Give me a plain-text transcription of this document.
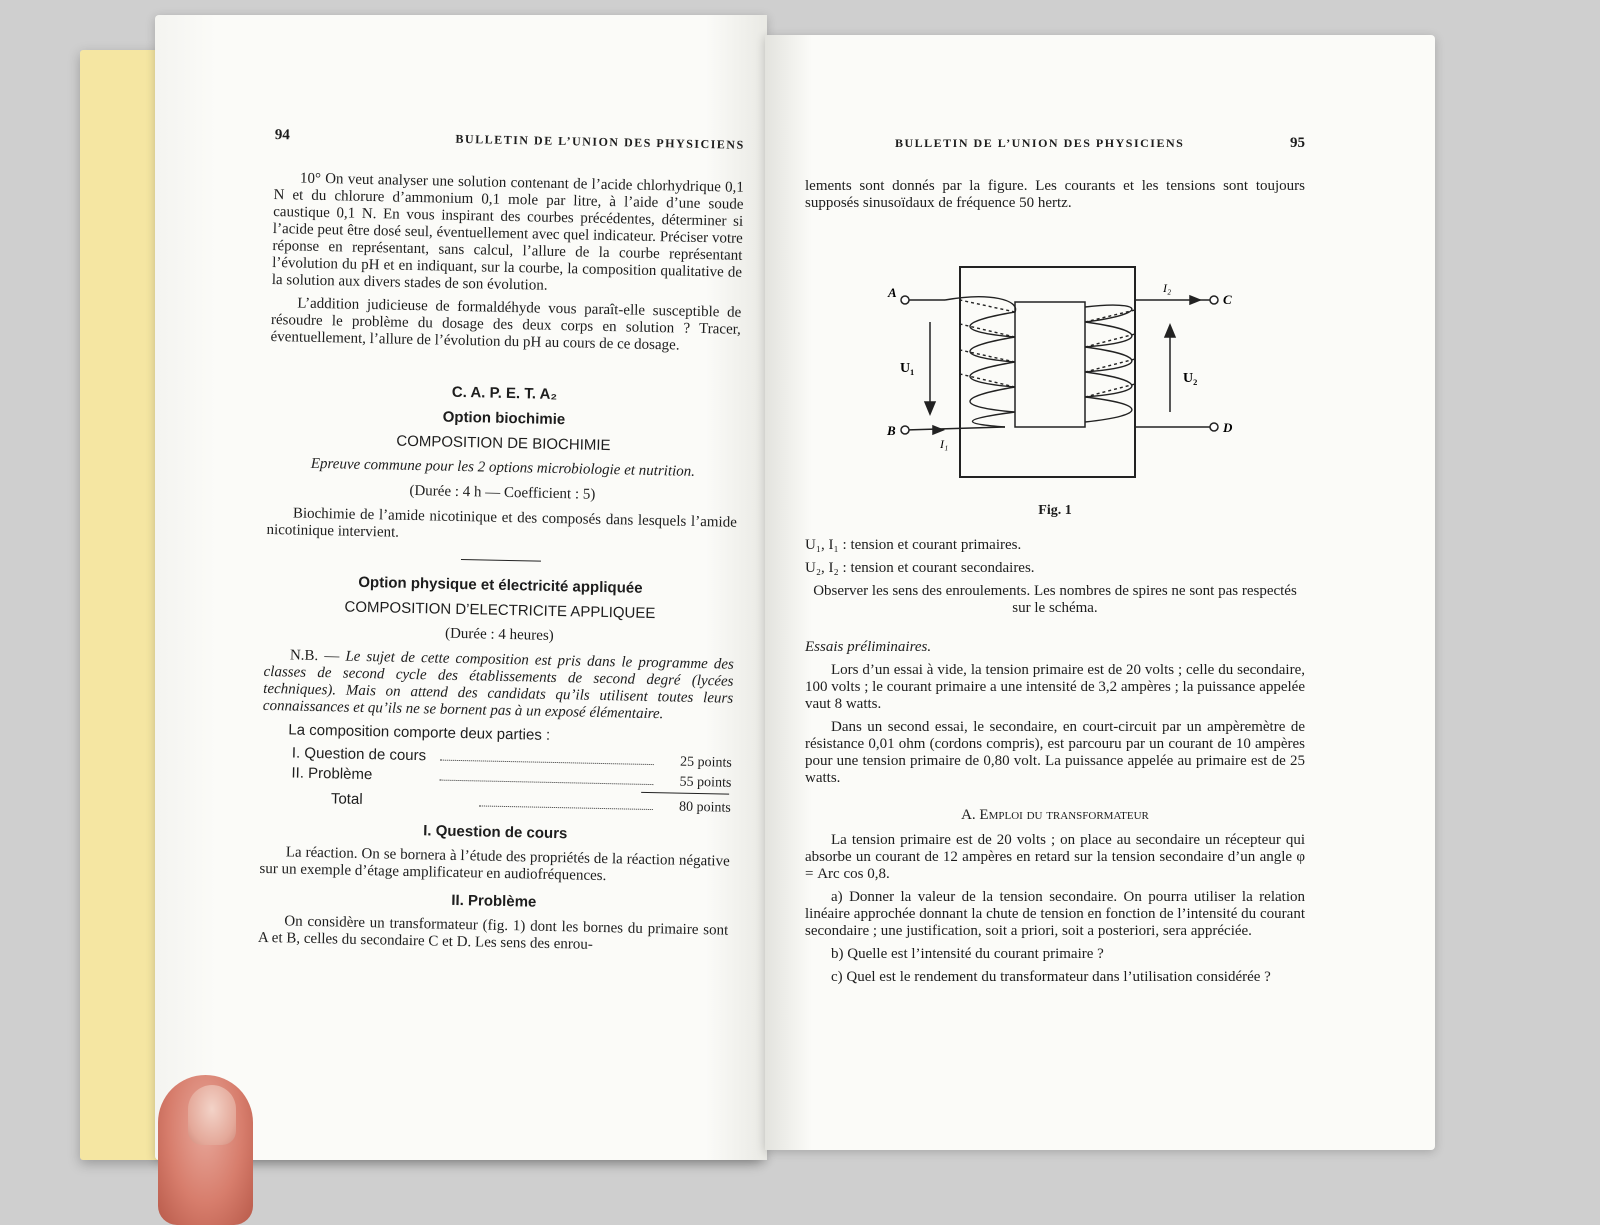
94	BULLETIN DE L’UNION DES PHYSICIENS

10° On veut analyser une solution contenant de l’acide chlorhydrique 0,1 N et du chlorure d’ammonium 0,1 mole par litre, à l’aide d’une soude caustique 0,1 N. En vous inspirant des courbes précédentes, déterminer si l’acide peut être dosé seul, éventuellement avec quel indicateur. Préciser votre réponse en représentant, sans calcul, l’allure de la courbe représentant l’évolution du pH et en indiquant, sur la courbe, la composition qualitative de la solution aux divers stades de son évolution.

L’addition judicieuse de formaldéhyde vous paraît-elle susceptible de résoudre le problème du dosage des deux corps en solution ? Tracer, éventuellement, l’allure de l’évolution du pH au cours de ce dosage.

C. A. P. E. T. A₂

Option biochimie

COMPOSITION DE BIOCHIMIE

Epreuve commune pour les 2 options microbiologie et nutrition.

(Durée : 4 h — Coefficient : 5)

Biochimie de l’amide nicotinique et des composés dans lesquels l’amide nicotinique intervient.

Option physique et électricité appliquée

COMPOSITION D’ELECTRICITE APPLIQUEE

(Durée : 4 heures)

N.B. — Le sujet de cette composition est pris dans le programme des classes de second cycle des établissements de second degré (lycées techniques). Mais on attend des candidats qu’ils utilisent toutes leurs connaissances et qu’ils ne se bornent pas à un exposé élémentaire.

La composition comporte deux parties :

I. Question de cours	25 points
II. Problème	55 points
Total	80 points

I. Question de cours

La réaction. On se bornera à l’étude des propriétés de la réaction négative sur un exemple d’étage amplificateur en audiofréquences.

II. Problème

On considère un transformateur (fig. 1) dont les bornes du primaire sont A et B, celles du secondaire C et D. Les sens des enrou-

BULLETIN DE L’UNION DES PHYSICIENS	95

lements sont donnés par la figure. Les courants et les tensions sont toujours supposés sinusoïdaux de fréquence 50 hertz.

A
B
C
D
U₁
U₂
I₁
I₂

Fig. 1

U₁, I₁ : tension et courant primaires.

U₂, I₂ : tension et courant secondaires.

Observer les sens des enroulements. Les nombres de spires ne sont pas respectés sur le schéma.

Essais préliminaires.

Lors d’un essai à vide, la tension primaire est de 20 volts ; celle du secondaire, 100 volts ; le courant primaire a une intensité de 3,2 ampères ; la puissance appelée vaut 8 watts.

Dans un second essai, le secondaire, en court-circuit par un ampèremètre de résistance 0,01 ohm (cordons compris), est parcouru par un courant de 10 ampères pour une tension primaire de 0,80 volt. La puissance appelée au primaire est de 25 watts.

A. Emploi du transformateur

La tension primaire est de 20 volts ; on place au secondaire un récepteur qui absorbe un courant de 12 ampères en retard sur la tension secondaire d’un angle φ = Arc cos 0,8.

a) Donner la valeur de la tension secondaire. On pourra utiliser la relation linéaire approchée donnant la chute de tension en fonction de l’intensité du courant secondaire ; une justification, soit a priori, soit a posteriori, sera appréciée.

b) Quelle est l’intensité du courant primaire ?

c) Quel est le rendement du transformateur dans l’utilisation considérée ?
